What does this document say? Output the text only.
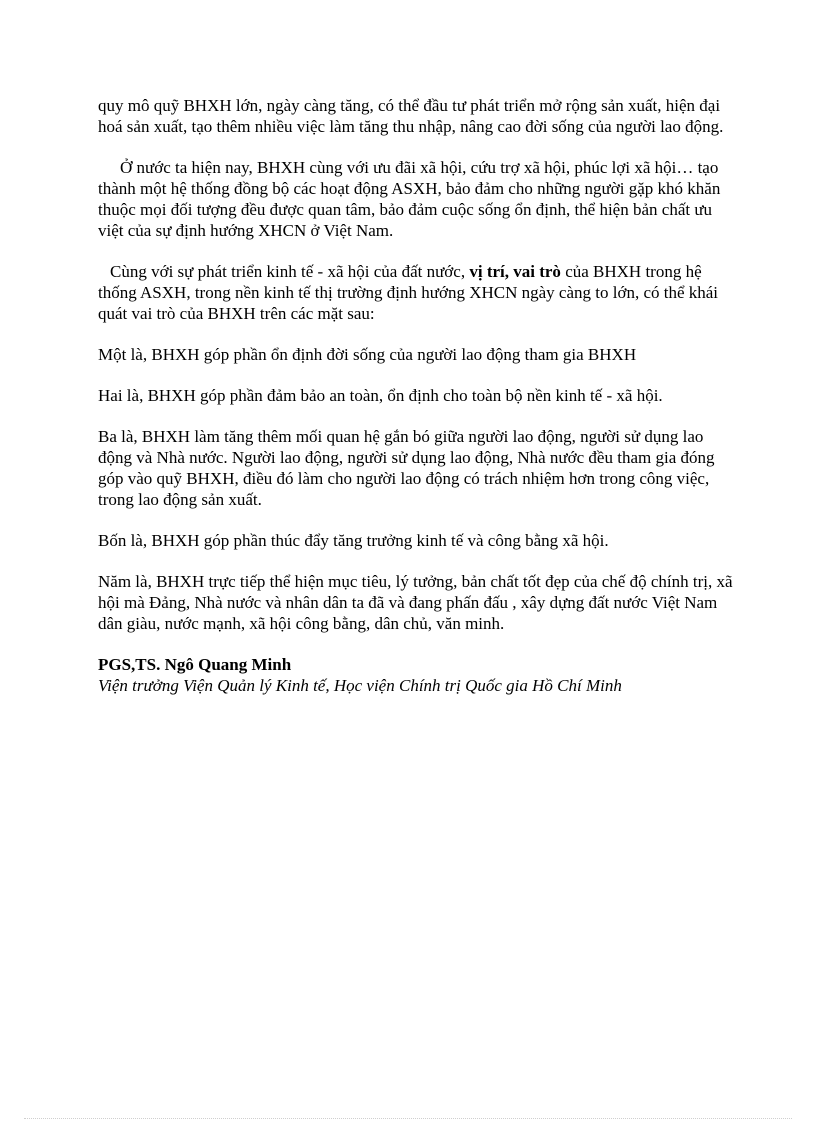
quy mô quỹ BHXH lớn, ngày càng tăng, có thể đầu tư phát triển mở rộng sản xuất, hiện đại hoá sản xuất, tạo thêm nhiều việc làm tăng thu nhập, nâng cao đời sống của người lao động.

Ở nước ta hiện nay, BHXH cùng với ưu đãi xã hội, cứu trợ xã hội, phúc lợi xã hội… tạo thành một hệ thống đồng bộ các hoạt động ASXH, bảo đảm cho những người gặp khó khăn thuộc mọi đối tượng đều được quan tâm, bảo đảm cuộc sống ổn định, thể hiện bản chất ưu việt của sự định hướng XHCN ở Việt Nam.

Cùng với sự phát triển kinh tế - xã hội của đất nước, vị trí, vai trò của BHXH trong hệ thống ASXH, trong nền kinh tế thị trường định hướng XHCN ngày càng to lớn, có thể khái quát vai trò của BHXH trên các mặt sau:

Một là, BHXH góp phần ổn định đời sống của người lao động tham gia BHXH

Hai là, BHXH góp phần đảm bảo an toàn, ổn định cho toàn bộ nền kinh tế - xã hội.

Ba là, BHXH làm tăng thêm mối quan hệ gắn bó giữa người lao động, người sử dụng lao động và Nhà nước. Người lao động, người sử dụng lao động, Nhà nước đều tham gia đóng góp vào quỹ BHXH, điều đó làm cho người lao động có trách nhiệm hơn trong công việc, trong lao động sản xuất.

Bốn là, BHXH góp phần thúc đẩy tăng trưởng kinh tế và công bằng xã hội.

Năm là, BHXH trực tiếp thể hiện mục tiêu, lý tưởng, bản chất tốt đẹp của chế độ chính trị, xã hội mà Đảng, Nhà nước và nhân dân ta đã và đang phấn đấu , xây dựng đất nước Việt Nam dân giàu, nước mạnh, xã hội công bằng, dân chủ, văn minh.

PGS,TS. Ngô Quang Minh

Viện trưởng Viện Quản lý Kinh tế, Học viện Chính trị Quốc gia Hồ Chí Minh
